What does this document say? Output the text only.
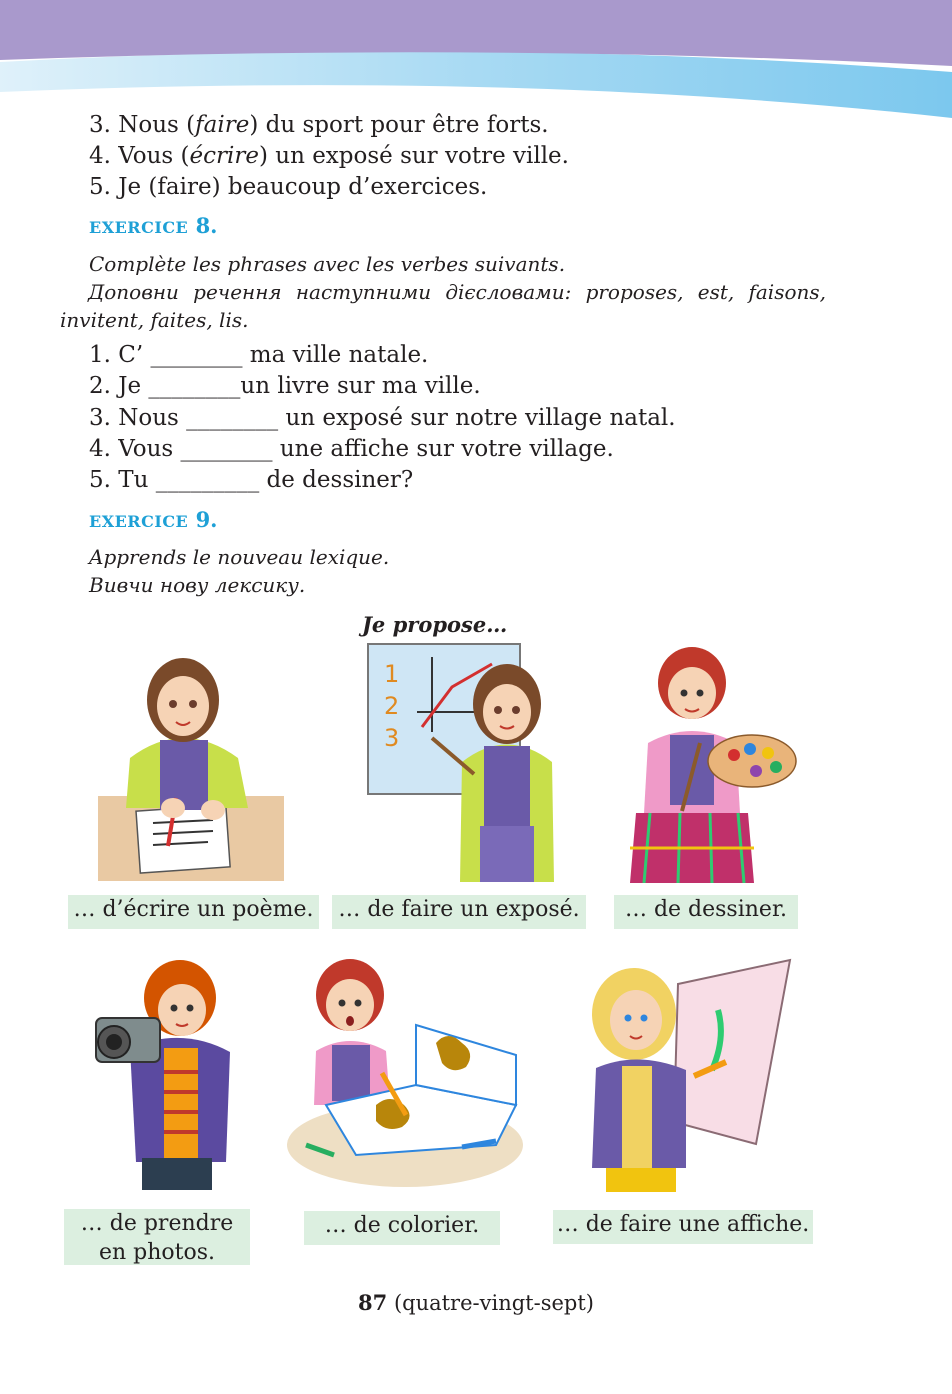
3. Nous (faire) du sport pour être forts.
4. Vous (écrire) un exposé sur votre ville.
5. Je (faire) beaucoup d’exercices.
EXERCICE 8.
Complète les phrases avec les verbes suivants.
Доповни речення наступними дієсловами: proposes, est, faisons, invitent, faites, lis.
1. C’ ________ ma ville natale.
2. Je ________un livre sur ma ville.
3. Nous ________ un exposé sur notre village natal.
4. Vous ________ une affiche sur votre village.
5. Tu _________ de dessiner?
EXERCICE 9.
Apprends le nouveau lexique.
Вивчи нову лексику.
Je propose…
1
2
3
… d’écrire un poème. … de faire un exposé.	… de dessiner.
… de prendre
en photos.
… de colorier.	… de faire une affiche.
87 (quatre-vingt-sept)
